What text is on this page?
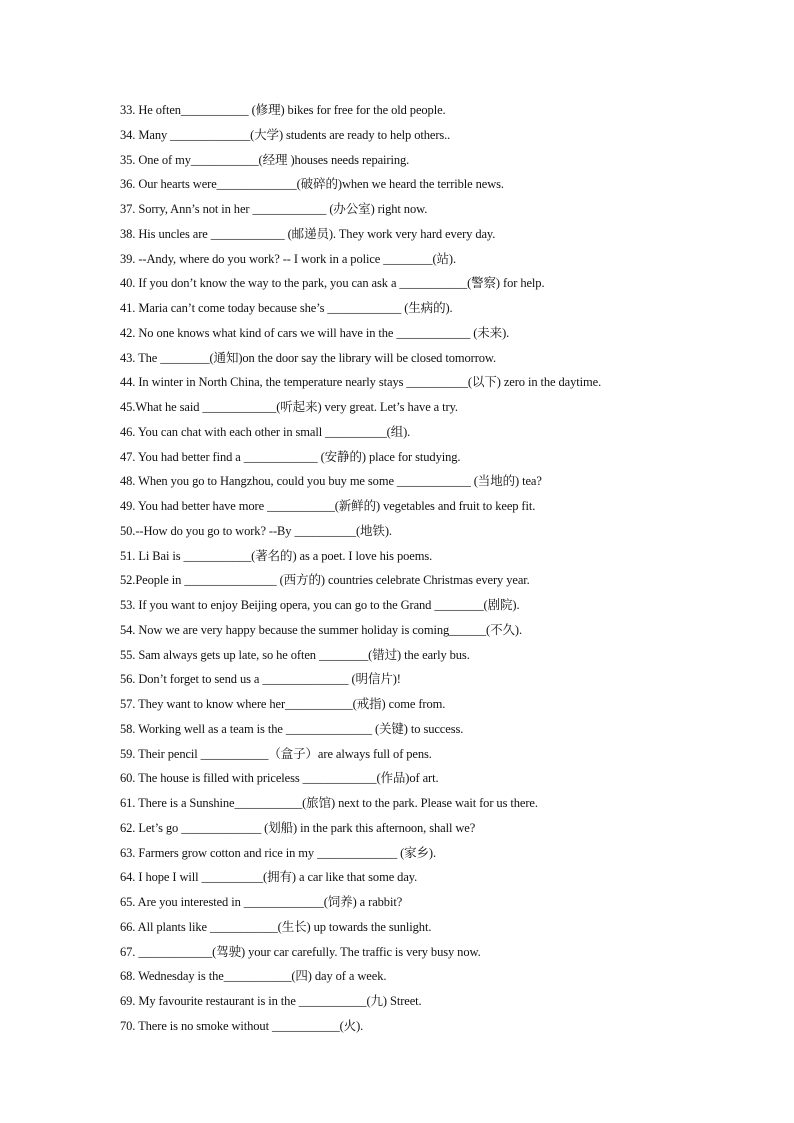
33. He often___________ (修理) bikes for free for the old people.
34. Many _____________(大学) students are ready to help others..
35. One of my___________(经理 )houses needs repairing.
36. Our hearts were_____________(破碎的)when we heard the terrible news.
37. Sorry, Ann’s not in her ____________ (办公室) right now.
38. His uncles are ____________ (邮递员). They work very hard every day.
39. --Andy, where do you work? -- I work in a police ________(站).
40. If you don’t know the way to the park, you can ask a ___________(警察) for help.
41. Maria can’t come today because she’s ____________ (生病的).
42. No one knows what kind of cars we will have in the ____________ (未来).
43. The ________(通知)on the door say the library will be closed tomorrow.
44. In winter in North China, the temperature nearly stays __________(以下) zero in the daytime.
45.What he said ____________(听起来) very great. Let’s have a try.
46. You can chat with each other in small __________(组).
47. You had better find a ____________ (安静的) place for studying.
48. When you go to Hangzhou, could you buy me some ____________ (当地的) tea?
49. You had better have more ___________(新鲜的) vegetables and fruit to keep fit.
50.--How do you go to work? --By __________(地铁).
51. Li Bai is ___________(著名的) as a poet. I love his poems.
52.People in _______________ (西方的) countries celebrate Christmas every year.
53. If you want to enjoy Beijing opera, you can go to the Grand ________(剧院).
54. Now we are very happy because the summer holiday is coming______(不久).
55. Sam always gets up late, so he often ________(错过) the early bus.
56. Don’t forget to send us a ______________ (明信片)!
57. They want to know where her___________(戒指) come from.
58. Working well as a team is the ______________ (关键) to success.
59. Their pencil ___________（盒子）are always full of pens.
60. The house is filled with priceless ____________(作品)of art.
61. There is a Sunshine___________(旅馆) next to the park. Please wait for us there.
62. Let’s go _____________ (划船) in the park this afternoon, shall we?
63. Farmers grow cotton and rice in my _____________ (家乡).
64. I hope I will __________(拥有) a car like that some day.
65. Are you interested in _____________(饲养) a rabbit?
66. All plants like ___________(生长) up towards the sunlight.
67. ____________(驾驶) your car carefully. The traffic is very busy now.
68. Wednesday is the___________(四) day of a week.
69. My favourite restaurant is in the ___________(九) Street.
70. There is no smoke without ___________(火).
